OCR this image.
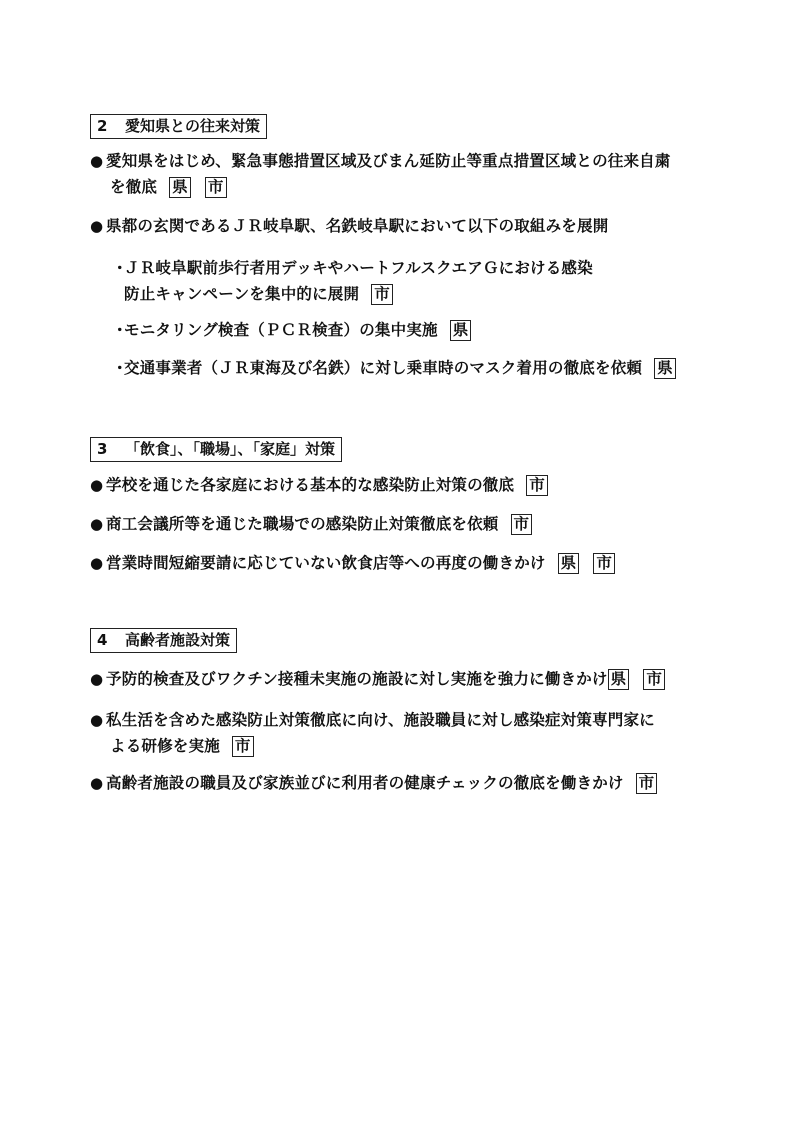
2 愛知県との往来対策
● 愛知県をはじめ、緊急事態措置区域及びまん延防止等重点措置区域との往来自粛
を徹底 県 市
● 県都の玄関であるＪＲ岐阜駅、名鉄岐阜駅において以下の取組みを展開
・ＪＲ岐阜駅前歩行者用デッキやハートフルスクエアＧにおける感染
防止キャンペーンを集中的に展開 市
・モニタリング検査（ＰＣＲ検査）の集中実施 県
・交通事業者（ＪＲ東海及び名鉄）に対し乗車時のマスク着用の徹底を依頼 県
3 「飲食」、「職場」、「家庭」対策
● 学校を通じた各家庭における基本的な感染防止対策の徹底 市
● 商工会議所等を通じた職場での感染防止対策徹底を依頼 市
● 営業時間短縮要請に応じていない飲食店等への再度の働きかけ 県 市
4 高齢者施設対策
● 予防的検査及びワクチン接種未実施の施設に対し実施を強力に働きかけ 県 市
● 私生活を含めた感染防止対策徹底に向け、施設職員に対し感染症対策専門家に
よる研修を実施 市
● 高齢者施設の職員及び家族並びに利用者の健康チェックの徹底を働きかけ 市
